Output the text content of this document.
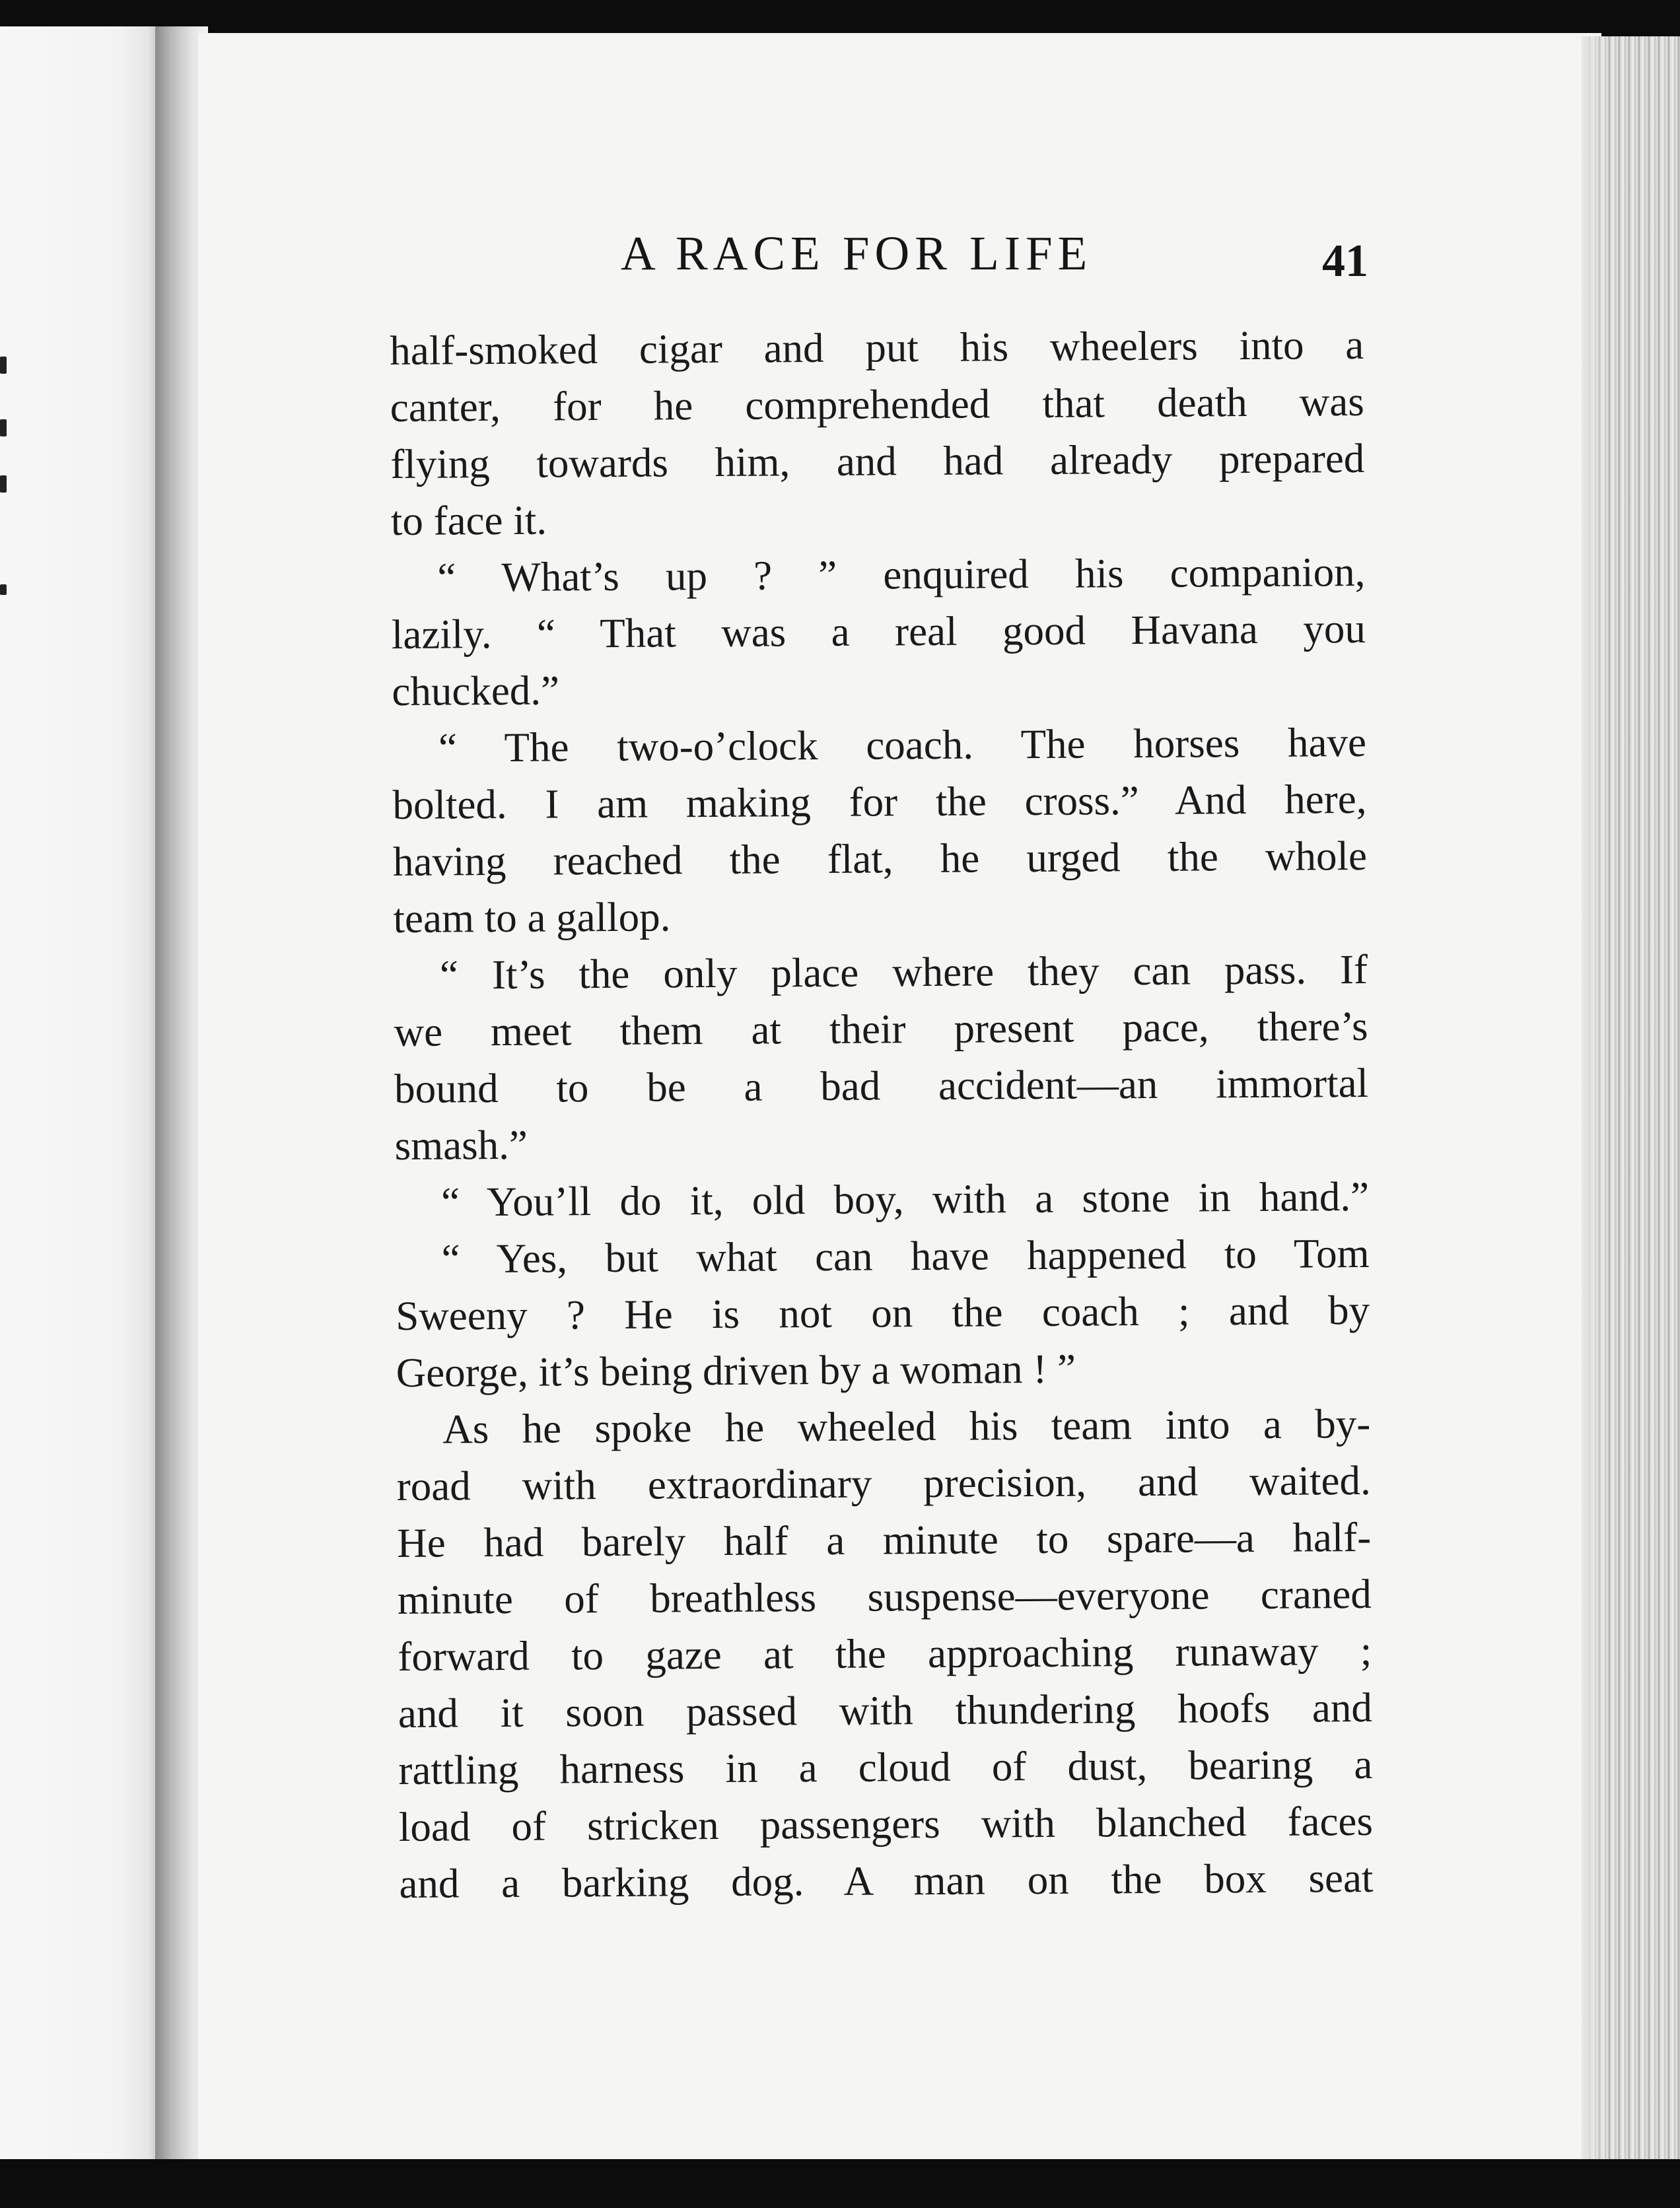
A RACE FOR LIFE	41
half-smoked cigar and put his wheelers into a
canter, for he comprehended that death was
flying towards him, and had already prepared
to face it.
“ What’s up ? ” enquired his companion,
lazily. “ That was a real good Havana you
chucked.”
“ The two-o’clock coach. The horses have
bolted. I am making for the cross.” And here,
having reached the flat, he urged the whole
team to a gallop.
“ It’s the only place where they can pass. If
we meet them at their present pace, there’s
bound to be a bad accident—an immortal
smash.”
“ You’ll do it, old boy, with a stone in hand.”
“ Yes, but what can have happened to Tom
Sweeny ? He is not on the coach ; and by
George, it’s being driven by a woman ! ”
As he spoke he wheeled his team into a by-
road with extraordinary precision, and waited.
He had barely half a minute to spare—a half-
minute of breathless suspense—everyone craned
forward to gaze at the approaching runaway ;
and it soon passed with thundering hoofs and
rattling harness in a cloud of dust, bearing a
load of stricken passengers with blanched faces
and a barking dog. A man on the box seat
